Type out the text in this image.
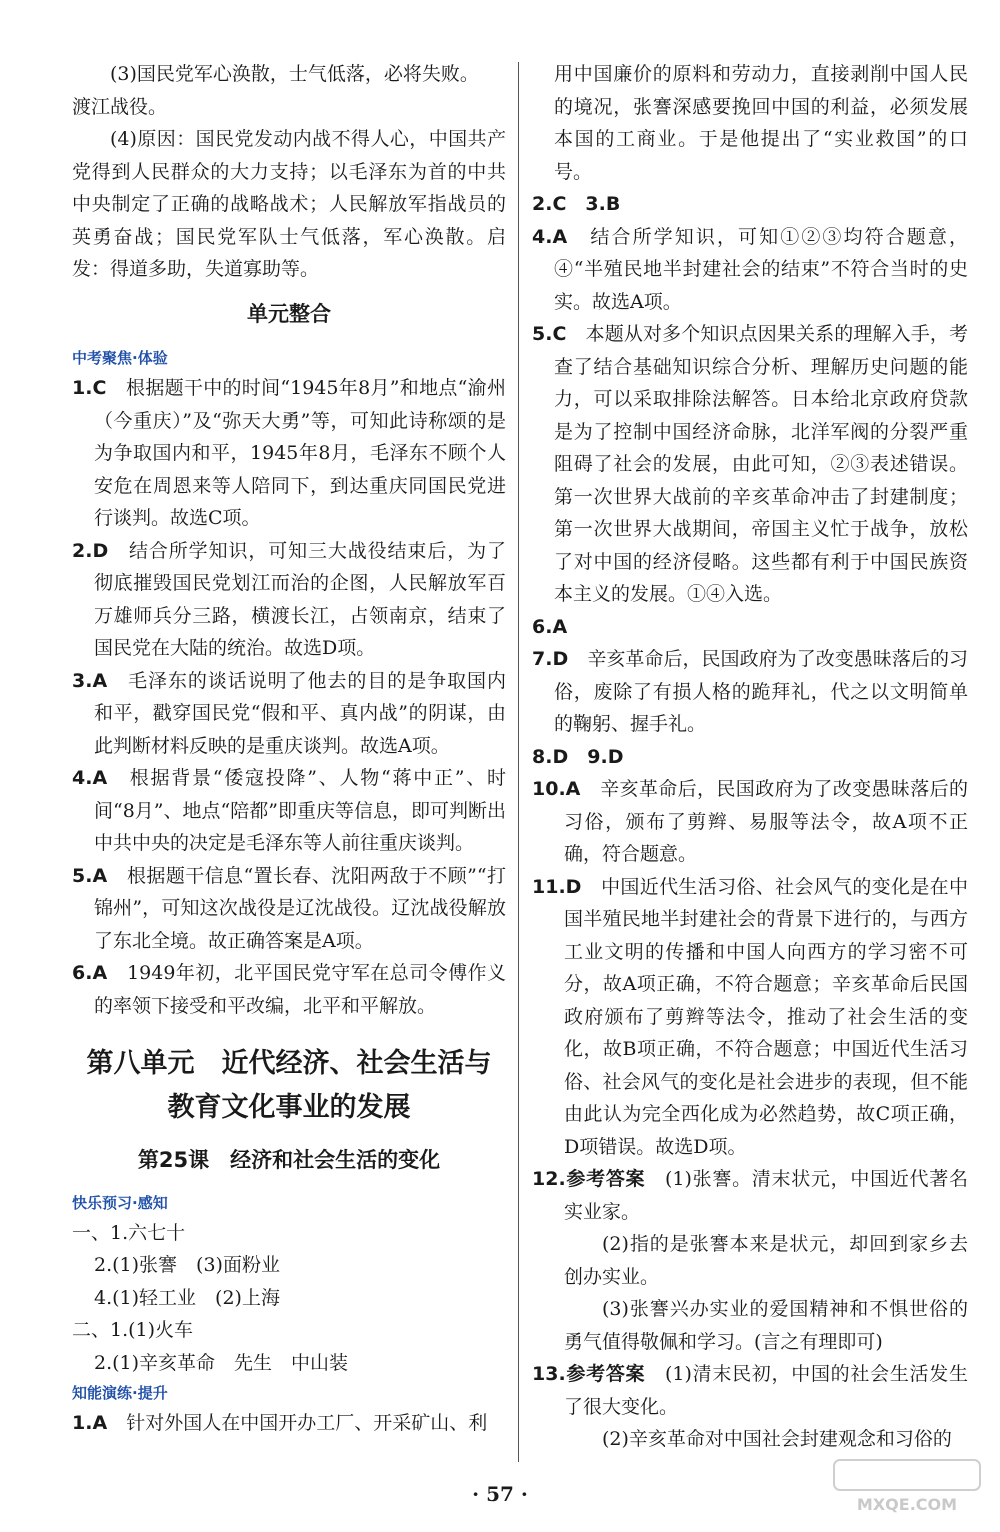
(3)国民党军心涣散，士气低落，必将失败。

渡江战役。

(4)原因：国民党发动内战不得人心，中国共产党得到人民群众的大力支持；以毛泽东为首的中共中央制定了正确的战略战术；人民解放军指战员的英勇奋战；国民党军队士气低落，军心涣散。启发：得道多助，失道寡助等。

单元整合
中考聚焦·体验

1.C　 根据题干中的时间“1945年8月”和地点“渝州（今重庆）”及“弥天大勇”等，可知此诗称颂的是为争取国内和平，1945年8月，毛泽东不顾个人安危在周恩来等人陪同下，到达重庆同国民党进行谈判。故选C项。

2.D　 结合所学知识，可知三大战役结束后，为了彻底摧毁国民党划江而治的企图，人民解放军百万雄师兵分三路，横渡长江，占领南京，结束了国民党在大陆的统治。故选D项。

3.A　 毛泽东的谈话说明了他去的目的是争取国内和平，戳穿国民党“假和平、真内战”的阴谋，由此判断材料反映的是重庆谈判。故选A项。

4.A　 根据背景“倭寇投降”、人物“蒋中正”、时间“8月”、地点“陪都”即重庆等信息，即可判断出中共中央的决定是毛泽东等人前往重庆谈判。

5.A　 根据题干信息“置长春、沈阳两敌于不顾”“打锦州”，可知这次战役是辽沈战役。辽沈战役解放了东北全境。故正确答案是A项。

6.A　 1949年初，北平国民党守军在总司令傅作义的率领下接受和平改编，北平和平解放。

第八单元　近代经济、社会生活与
教育文化事业的发展
第25课　经济和社会生活的变化
快乐预习·感知

一、1.六七十

2.(1)张謇　(3)面粉业

4.(1)轻工业　(2)上海

二、1.(1)火车

2.(1)辛亥革命　先生　中山装

知能演练·提升

1.A　 针对外国人在中国开办工厂、开采矿山、利

用中国廉价的原料和劳动力，直接剥削中国人民的境况，张謇深感要挽回中国的利益，必须发展本国的工商业。于是他提出了“实业救国”的口号。

2.C　 3.B

4.A　 结合所学知识，可知①②③均符合题意，④“半殖民地半封建社会的结束”不符合当时的史实。故选A项。

5.C　 本题从对多个知识点因果关系的理解入手，考查了结合基础知识综合分析、理解历史问题的能力，可以采取排除法解答。日本给北京政府贷款是为了控制中国经济命脉，北洋军阀的分裂严重阻碍了社会的发展，由此可知，②③表述错误。第一次世界大战前的辛亥革命冲击了封建制度；第一次世界大战期间，帝国主义忙于战争，放松了对中国的经济侵略。这些都有利于中国民族资本主义的发展。①④入选。

6.A

7.D　 辛亥革命后，民国政府为了改变愚昧落后的习俗，废除了有损人格的跪拜礼，代之以文明简单的鞠躬、握手礼。

8.D　 9.D

10.A　 辛亥革命后，民国政府为了改变愚昧落后的习俗，颁布了剪辫、易服等法令，故A项不正确，符合题意。

11.D　 中国近代生活习俗、社会风气的变化是在中国半殖民地半封建社会的背景下进行的，与西方工业文明的传播和中国人向西方的学习密不可分，故A项正确，不符合题意；辛亥革命后民国政府颁布了剪辫等法令，推动了社会生活的变化，故B项正确，不符合题意；中国近代生活习俗、社会风气的变化是社会进步的表现，但不能由此认为完全西化成为必然趋势，故C项正确，D项错误。故选D项。

12.参考答案　 (1)张謇。清末状元，中国近代著名实业家。

(2)指的是张謇本来是状元，却回到家乡去创办实业。

(3)张謇兴办实业的爱国精神和不惧世俗的勇气值得敬佩和学习。(言之有理即可)

13.参考答案　 (1)清末民初，中国的社会生活发生了很大变化。

(2)辛亥革命对中国社会封建观念和习俗的

· 57 ·	MXQE.COM
